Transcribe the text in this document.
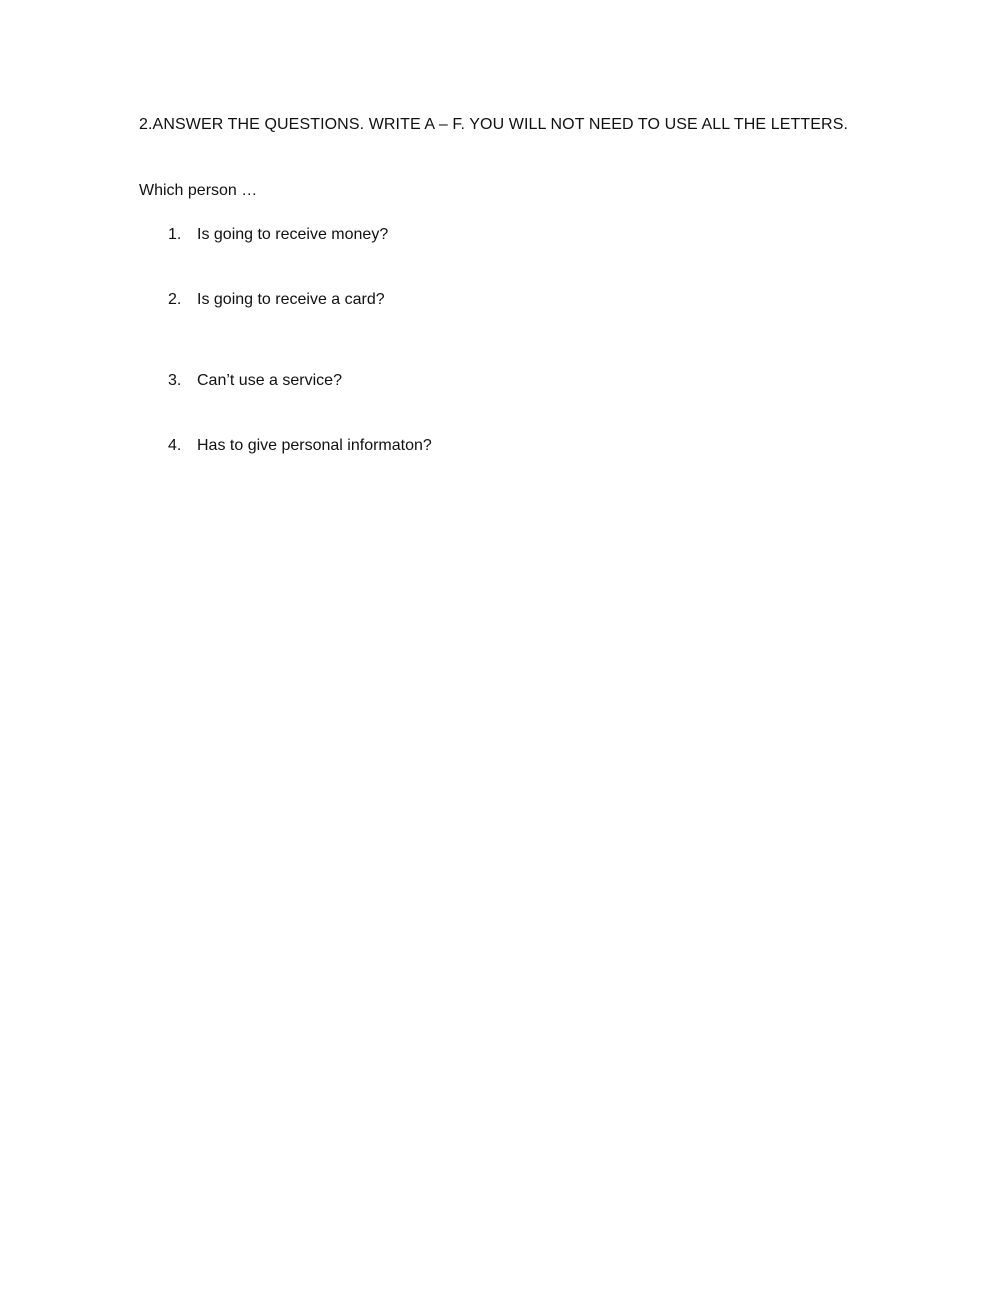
2.ANSWER THE QUESTIONS. WRITE A – F. YOU WILL NOT NEED TO USE ALL THE LETTERS.
Which person …
1. Is going to receive money?
2. Is going to receive a card?
3. Can’t use a service?
4. Has to give personal informaton?
